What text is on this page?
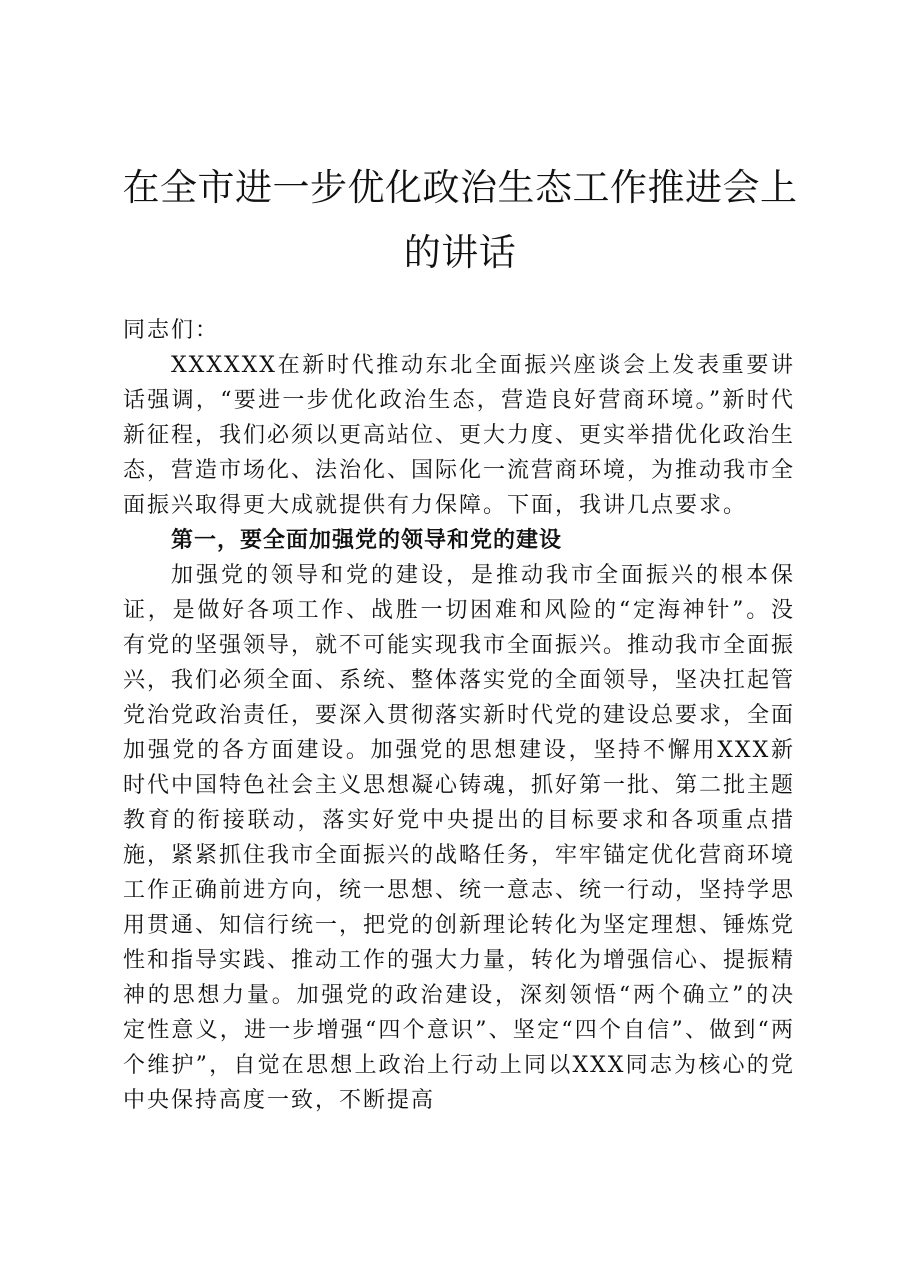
在全市进一步优化政治生态工作推进会上的讲话

同志们：

XXXXXX在新时代推动东北全面振兴座谈会上发表重要讲话强调，“要进一步优化政治生态，营造良好营商环境。”新时代新征程，我们必须以更高站位、更大力度、更实举措优化政治生态，营造市场化、法治化、国际化一流营商环境，为推动我市全面振兴取得更大成就提供有力保障。下面，我讲几点要求。

第一，要全面加强党的领导和党的建设

加强党的领导和党的建设，是推动我市全面振兴的根本保证，是做好各项工作、战胜一切困难和风险的“定海神针”。没有党的坚强领导，就不可能实现我市全面振兴。推动我市全面振兴，我们必须全面、系统、整体落实党的全面领导，坚决扛起管党治党政治责任，要深入贯彻落实新时代党的建设总要求，全面加强党的各方面建设。加强党的思想建设，坚持不懈用XXX新时代中国特色社会主义思想凝心铸魂，抓好第一批、第二批主题教育的衔接联动，落实好党中央提出的目标要求和各项重点措施，紧紧抓住我市全面振兴的战略任务，牢牢锚定优化营商环境工作正确前进方向，统一思想、统一意志、统一行动，坚持学思用贯通、知信行统一，把党的创新理论转化为坚定理想、锤炼党性和指导实践、推动工作的强大力量，转化为增强信心、提振精神的思想力量。加强党的政治建设，深刻领悟“两个确立”的决定性意义，进一步增强“四个意识”、坚定“四个自信”、做到“两个维护”，自觉在思想上政治上行动上同以XXX同志为核心的党中央保持高度一致，不断提高
